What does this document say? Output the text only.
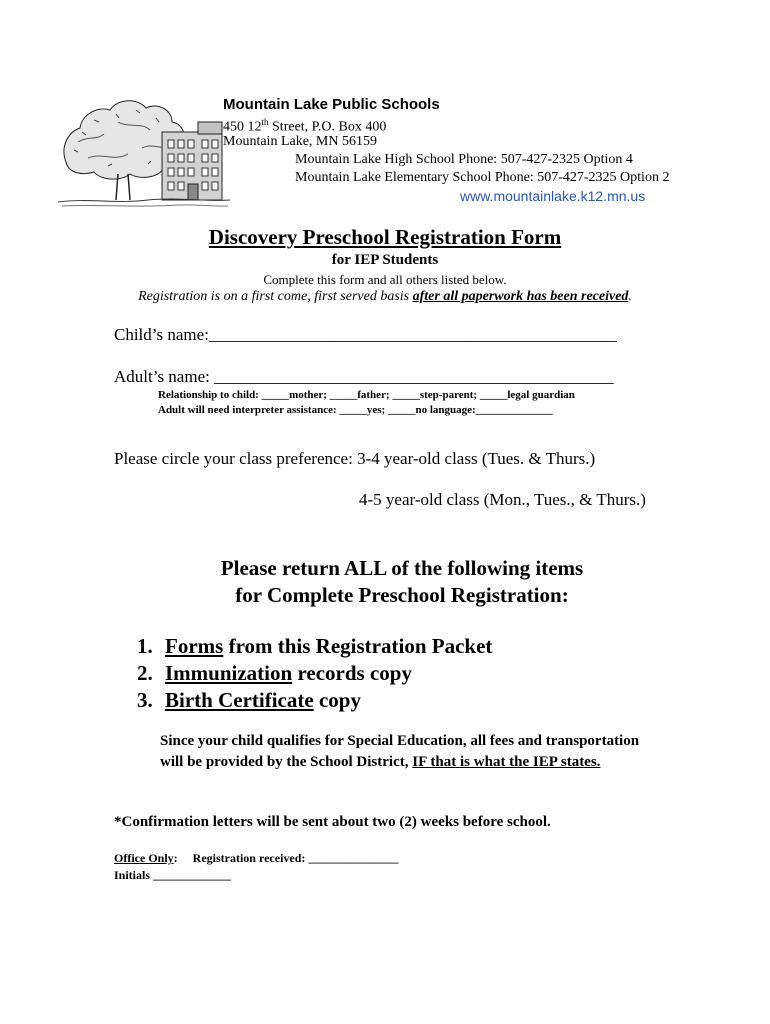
Mountain Lake Public Schools
450 12th Street, P.O. Box 400
Mountain Lake, MN 56159
Mountain Lake High School Phone: 507-427-2325 Option 4
Mountain Lake Elementary School Phone: 507-427-2325 Option 2
www.mountainlake.k12.mn.us
Discovery Preschool Registration Form
for IEP Students
Complete this form and all others listed below.
Registration is on a first come, first served basis after all paperwork has been received.
Child’s name:________________________________________________
Adult’s name: _______________________________________________
Relationship to child: _____mother; _____father; _____step-parent; _____legal guardian
Adult will need interpreter assistance: _____yes; _____no language:______________
Please circle your class preference: 3-4 year-old class (Tues. & Thurs.)
4-5 year-old class (Mon., Tues., & Thurs.)
Please return ALL of the following items
for Complete Preschool Registration:
1. Forms from this Registration Packet
2. Immunization records copy
3. Birth Certificate copy
Since your child qualifies for Special Education, all fees and transportation will be provided by the School District, IF that is what the IEP states.
*Confirmation letters will be sent about two (2) weeks before school.
Office Only:     Registration received: _______________
Initials _____________
